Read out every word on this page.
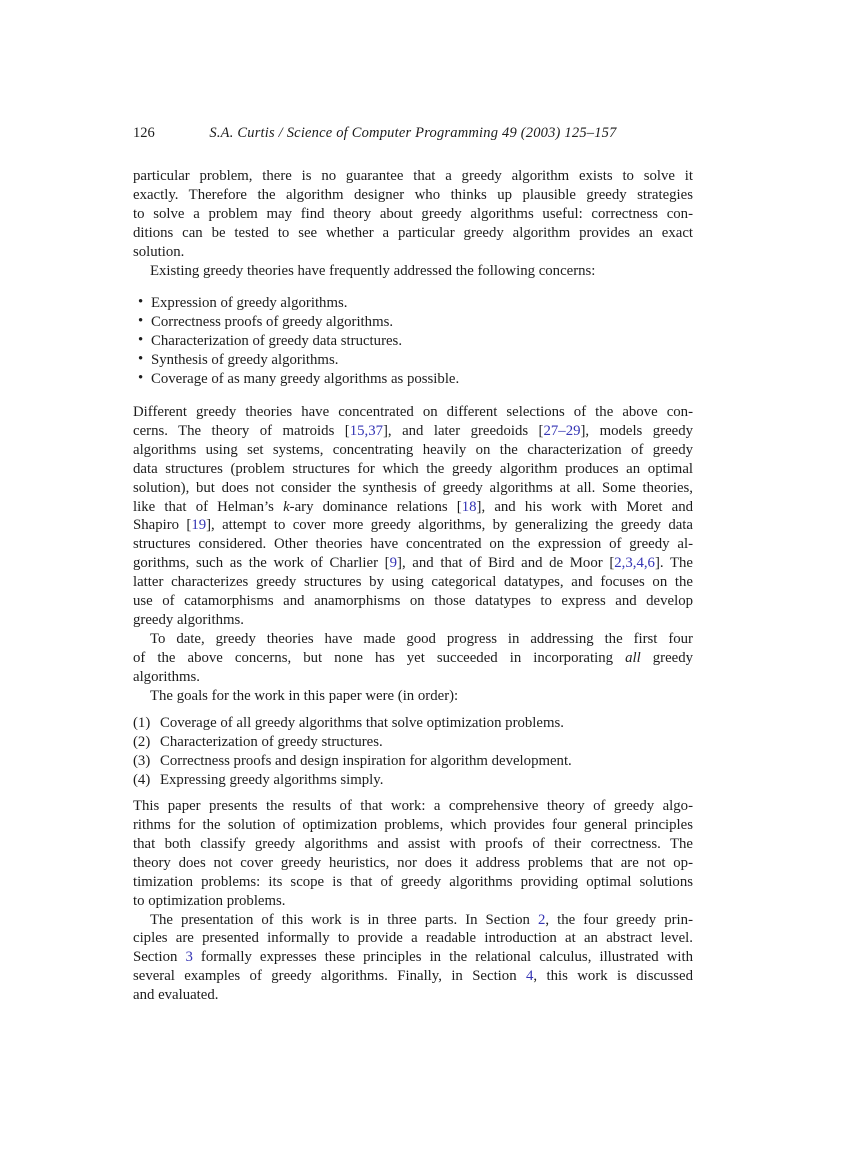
126	S.A. Curtis / Science of Computer Programming 49 (2003) 125–157
particular problem, there is no guarantee that a greedy algorithm exists to solve it
exactly. Therefore the algorithm designer who thinks up plausible greedy strategies
to solve a problem may find theory about greedy algorithms useful: correctness con-
ditions can be tested to see whether a particular greedy algorithm provides an exact
solution.
Existing greedy theories have frequently addressed the following concerns:
• Expression of greedy algorithms.
• Correctness proofs of greedy algorithms.
• Characterization of greedy data structures.
• Synthesis of greedy algorithms.
• Coverage of as many greedy algorithms as possible.
Different greedy theories have concentrated on different selections of the above con-
cerns. The theory of matroids [15,37], and later greedoids [27–29], models greedy
algorithms using set systems, concentrating heavily on the characterization of greedy
data structures (problem structures for which the greedy algorithm produces an optimal
solution), but does not consider the synthesis of greedy algorithms at all. Some theories,
like that of Helman’s k-ary dominance relations [18], and his work with Moret and
Shapiro [19], attempt to cover more greedy algorithms, by generalizing the greedy data
structures considered. Other theories have concentrated on the expression of greedy al-
gorithms, such as the work of Charlier [9], and that of Bird and de Moor [2,3,4,6]. The
latter characterizes greedy structures by using categorical datatypes, and focuses on the
use of catamorphisms and anamorphisms on those datatypes to express and develop
greedy algorithms.
To date, greedy theories have made good progress in addressing the first four
of the above concerns, but none has yet succeeded in incorporating all greedy
algorithms.
The goals for the work in this paper were (in order):
(1) Coverage of all greedy algorithms that solve optimization problems.
(2) Characterization of greedy structures.
(3) Correctness proofs and design inspiration for algorithm development.
(4) Expressing greedy algorithms simply.
This paper presents the results of that work: a comprehensive theory of greedy algo-
rithms for the solution of optimization problems, which provides four general principles
that both classify greedy algorithms and assist with proofs of their correctness. The
theory does not cover greedy heuristics, nor does it address problems that are not op-
timization problems: its scope is that of greedy algorithms providing optimal solutions
to optimization problems.
The presentation of this work is in three parts. In Section 2, the four greedy prin-
ciples are presented informally to provide a readable introduction at an abstract level.
Section 3 formally expresses these principles in the relational calculus, illustrated with
several examples of greedy algorithms. Finally, in Section 4, this work is discussed
and evaluated.
